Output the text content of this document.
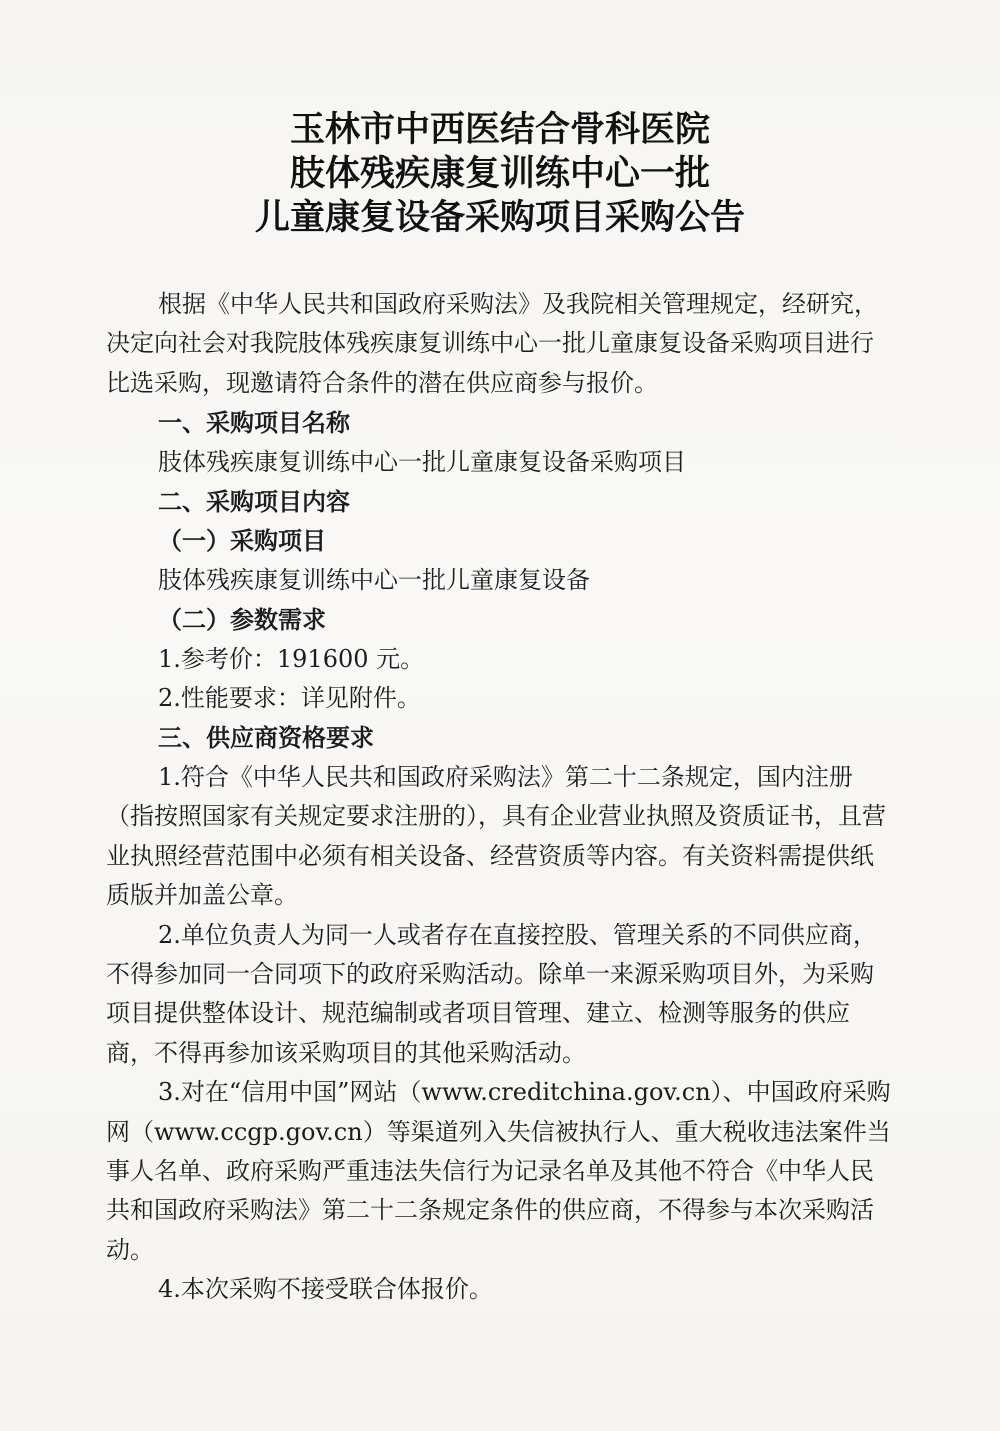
玉林市中西医结合骨科医院
肢体残疾康复训练中心一批
儿童康复设备采购项目采购公告

根据《中华人民共和国政府采购法》及我院相关管理规定，经研究，决定向社会对我院肢体残疾康复训练中心一批儿童康复设备采购项目进行比选采购，现邀请符合条件的潜在供应商参与报价。

一、采购项目名称

肢体残疾康复训练中心一批儿童康复设备采购项目

二、采购项目内容

（一）采购项目

肢体残疾康复训练中心一批儿童康复设备

（二）参数需求

1.参考价：191600 元。

2.性能要求：详见附件。

三、供应商资格要求

1.符合《中华人民共和国政府采购法》第二十二条规定，国内注册（指按照国家有关规定要求注册的），具有企业营业执照及资质证书，且营业执照经营范围中必须有相关设备、经营资质等内容。有关资料需提供纸质版并加盖公章。

2.单位负责人为同一人或者存在直接控股、管理关系的不同供应商，不得参加同一合同项下的政府采购活动。除单一来源采购项目外，为采购项目提供整体设计、规范编制或者项目管理、建立、检测等服务的供应商，不得再参加该采购项目的其他采购活动。

3.对在“信用中国”网站（www.creditchina.gov.cn）、中国政府采购网（www.ccgp.gov.cn）等渠道列入失信被执行人、重大税收违法案件当事人名单、政府采购严重违法失信行为记录名单及其他不符合《中华人民共和国政府采购法》第二十二条规定条件的供应商，不得参与本次采购活动。

4.本次采购不接受联合体报价。
